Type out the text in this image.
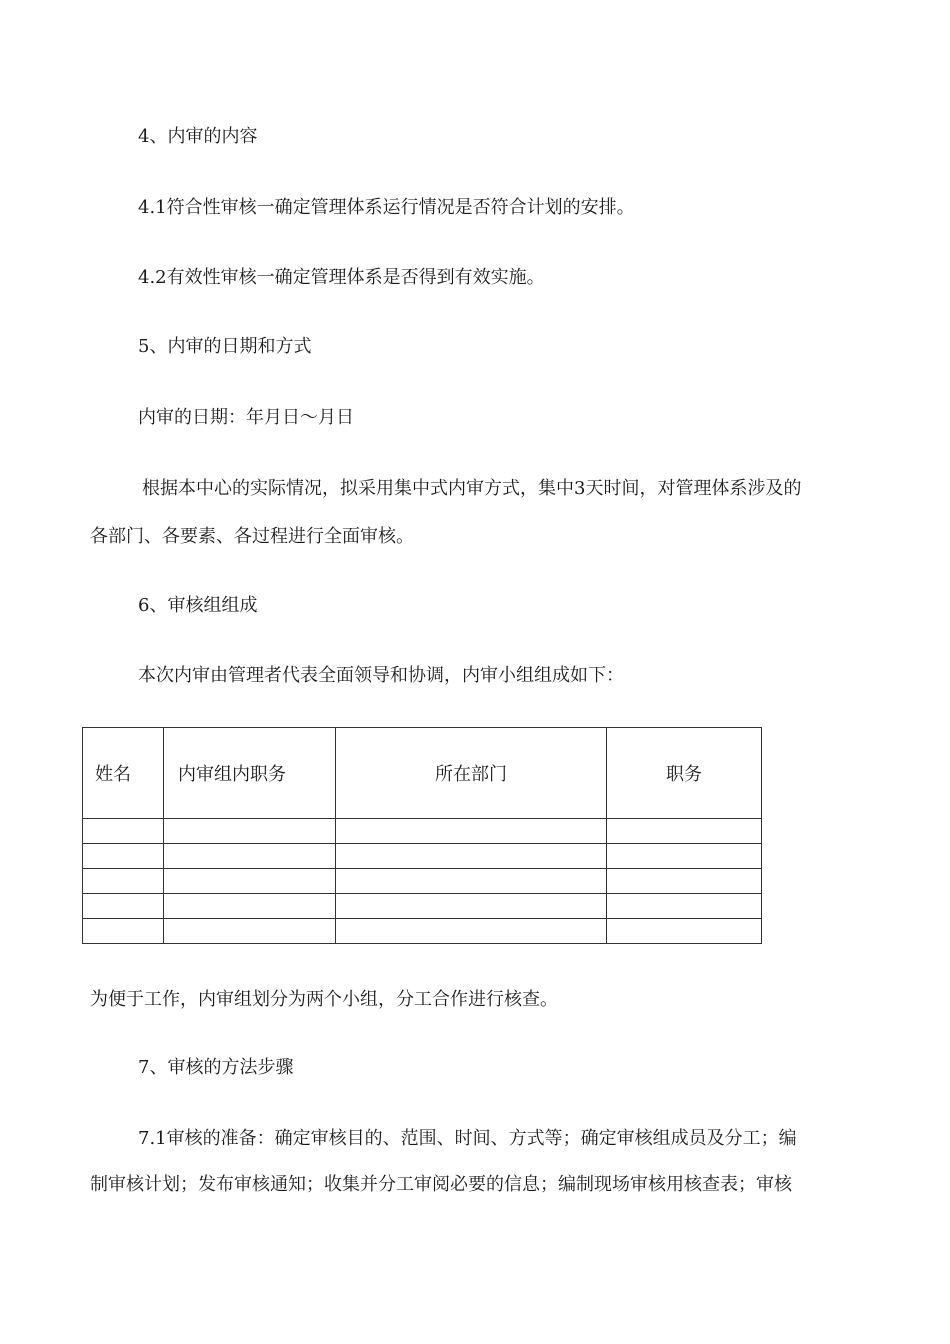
4、内审的内容
4.1符合性审核一确定管理体系运行情况是否符合计划的安排。
4.2有效性审核一确定管理体系是否得到有效实施。
5、内审的日期和方式
内审的日期：年月日〜月日
根据本中心的实际情况，拟采用集中式内审方式，集中3天时间，对管理体系涉及的
各部门、各要素、各过程进行全面审核。
6、审核组组成
本次内审由管理者代表全面领导和协调，内审小组组成如下：
姓名	内审组内职务	所在部门	职务

为便于工作，内审组划分为两个小组，分工合作进行核查。
7、审核的方法步骤
7.1审核的准备：确定审核目的、范围、时间、方式等；确定审核组成员及分工；编
制审核计划；发布审核通知；收集并分工审阅必要的信息；编制现场审核用核查表；审核
